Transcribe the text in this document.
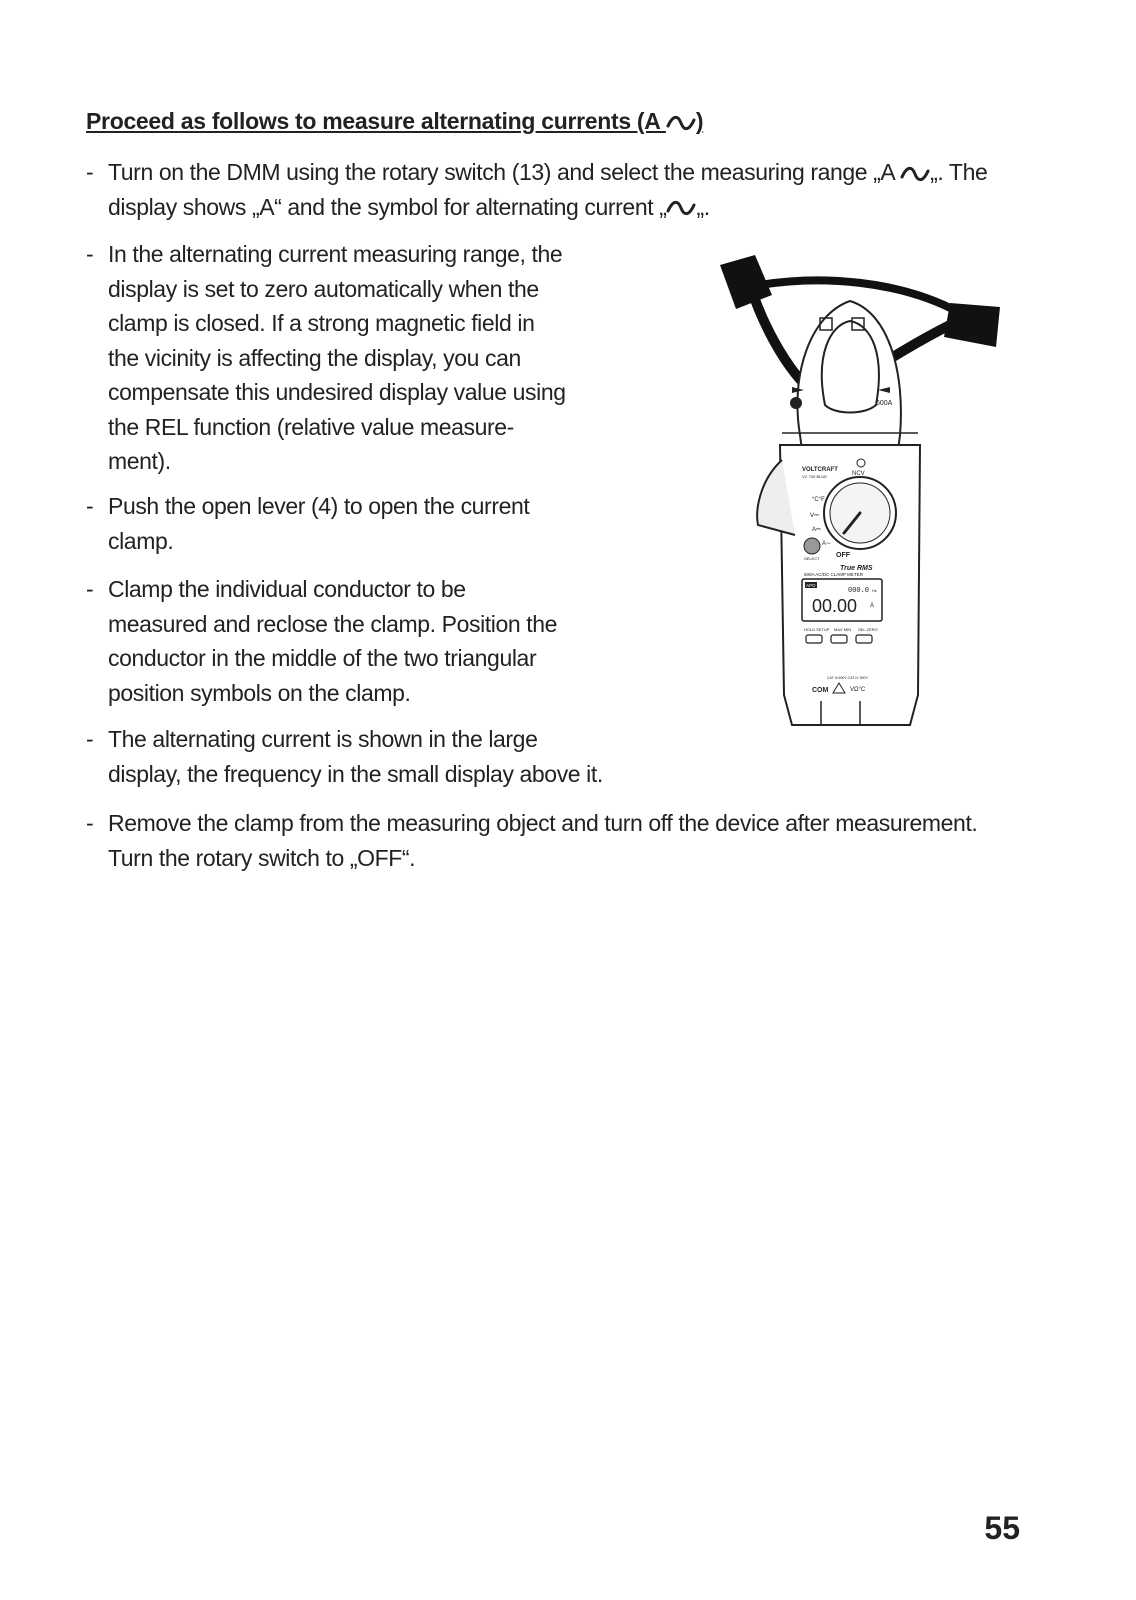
Proceed as follows to measure alternating currents (A )
- Turn on the DMM using the rotary switch (13) and select the measuring range „A „. The
display shows „A“ and the symbol for alternating current „ „.
- In the alternating current measuring range, the
display is set to zero automatically when the
clamp is closed. If a strong magnetic field in
the vicinity is affecting the display, you can
compensate this undesired display value using
the REL function (relative value measure-
ment).
- Push the open lever (4) to open the current
clamp.
- Clamp the individual conductor to be
measured and reclose the clamp. Position the
conductor in the middle of the two triangular
position symbols on the clamp.
- The alternating current is shown in the large
display, the frequency in the small display above it.
- Remove the clamp from the measuring object and turn off the device after measurement.
Turn the rotary switch to „OFF“.
600A
VOLTCRAFT
VC 700 BLUE	NCV
°C°F
V⎓
A⎓
A∼
OFF
SELECT
True RMS
600A AC/DC CLAMP METER
APO
000.0 Hz
00.00 A
HOLD SETUP MAX MIN SEL ZERO
CAT III 600V CAT IV 300V
COM	VΩ°C
55
